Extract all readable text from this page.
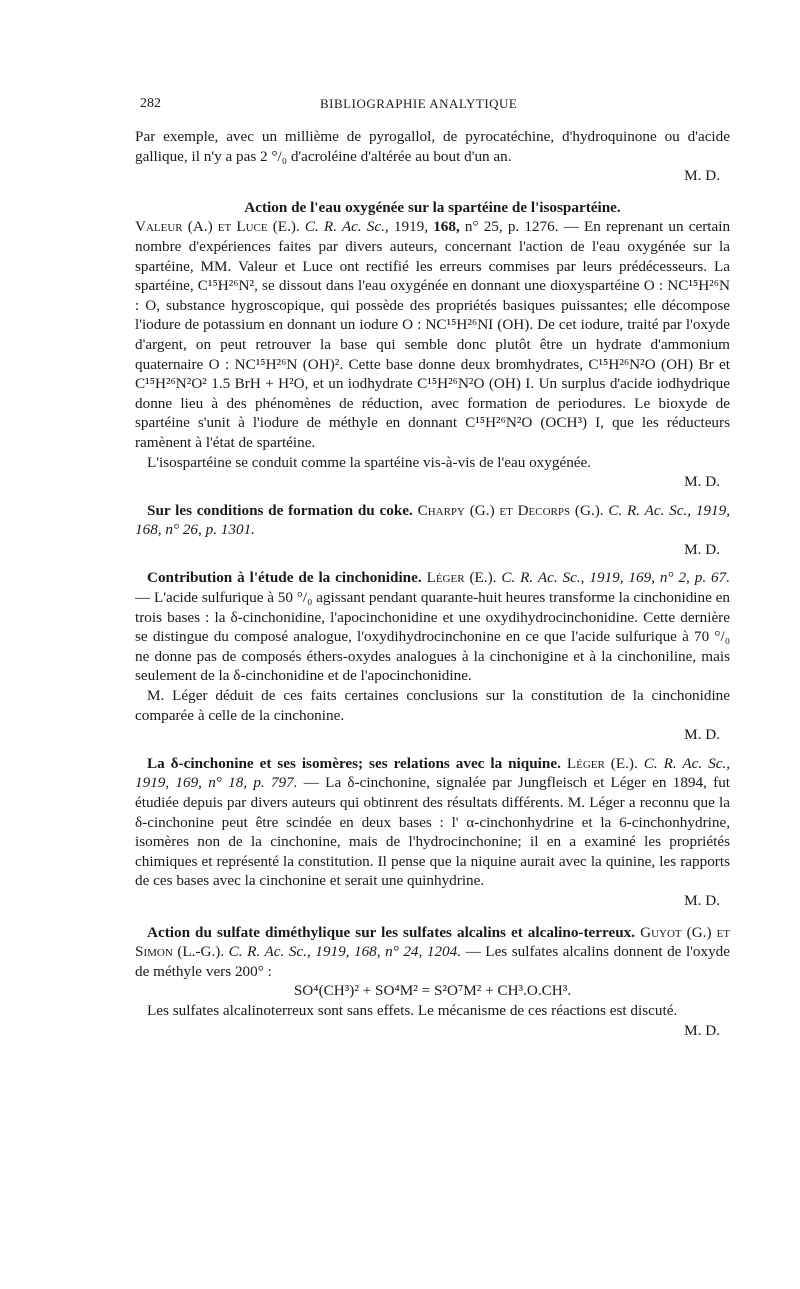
282	BIBLIOGRAPHIE ANALYTIQUE

Par exemple, avec un millième de pyrogallol, de pyrocatéchine, d'hydroquinone ou d'acide gallique, il n'y a pas 2 °/₀ d'acroléine d'altérée au bout d'un an.

M. D.

Action de l'eau oxygénée sur la spartéine de l'isospartéine.

Valeur (A.) et Luce (E.). C. R. Ac. Sc., 1919, 168, n° 25, p. 1276. — En reprenant un certain nombre d'expériences faites par divers auteurs, concernant l'action de l'eau oxygénée sur la spartéine, MM. Valeur et Luce ont rectifié les erreurs commises par leurs prédécesseurs. La spartéine, C¹⁵H²⁶N², se dissout dans l'eau oxygénée en donnant une dioxyspartéine O : NC¹⁵H²⁶N : O, substance hygroscopique, qui possède des propriétés basiques puissantes; elle décompose l'iodure de potassium en donnant un iodure O : NC¹⁵H²⁶NI (OH). De cet iodure, traité par l'oxyde d'argent, on peut retrouver la base qui semble donc plutôt être un hydrate d'ammonium quaternaire O : NC¹⁵H²⁶N (OH)². Cette base donne deux bromhydrates, C¹⁵H²⁶N²O (OH) Br et C¹⁵H²⁶N²O² 1.5 BrH + H²O, et un iodhydrate C¹⁵H²⁶N²O (OH) I. Un surplus d'acide iodhydrique donne lieu à des phénomènes de réduction, avec formation de periodures. Le bioxyde de spartéine s'unit à l'iodure de méthyle en donnant C¹⁵H²⁶N²O (OCH³) I, que les réducteurs ramènent à l'état de spartéine.

L'isospartéine se conduit comme la spartéine vis-à-vis de l'eau oxygénée.

M. D.

Sur les conditions de formation du coke. Charpy (G.) et Decorps (G.). C. R. Ac. Sc., 1919, 168, n° 26, p. 1301.

M. D.

Contribution à l'étude de la cinchonidine. Léger (E.). C. R. Ac. Sc., 1919, 169, n° 2, p. 67. — L'acide sulfurique à 50 °/₀ agissant pendant quarante-huit heures transforme la cinchonidine en trois bases : la δ-cinchonidine, l'apocinchonidine et une oxydihydrocinchonidine. Cette dernière se distingue du composé analogue, l'oxydihydrocinchonine en ce que l'acide sulfurique à 70 °/₀ ne donne pas de composés éthers-oxydes analogues à la cinchonigine et à la cinchoniline, mais seulement de la δ-cinchonidine et de l'apocinchonidine.

M. Léger déduit de ces faits certaines conclusions sur la constitution de la cinchonidine comparée à celle de la cinchonine.

M. D.

La δ-cinchonine et ses isomères; ses relations avec la niquine. Léger (E.). C. R. Ac. Sc., 1919, 169, n° 18, p. 797. — La δ-cinchonine, signalée par Jungfleisch et Léger en 1894, fut étudiée depuis par divers auteurs qui obtinrent des résultats différents. M. Léger a reconnu que la δ-cinchonine peut être scindée en deux bases : l' α-cinchonhydrine et la 6-cinchonhydrine, isomères non de la cinchonine, mais de l'hydrocinchonine; il en a examiné les propriétés chimiques et représenté la constitution. Il pense que la niquine aurait avec la quinine, les rapports de ces bases avec la cinchonine et serait une quinhydrine.

M. D.

Action du sulfate diméthylique sur les sulfates alcalins et alcalino-terreux. Guyot (G.) et Simon (L.-G.). C. R. Ac. Sc., 1919, 168, n° 24, 1204. — Les sulfates alcalins donnent de l'oxyde de méthyle vers 200° :

SO⁴(CH³)² + SO⁴M² = S²O⁷M² + CH³.O.CH³.

Les sulfates alcalinoterreux sont sans effets. Le mécanisme de ces réactions est discuté.

M. D.
